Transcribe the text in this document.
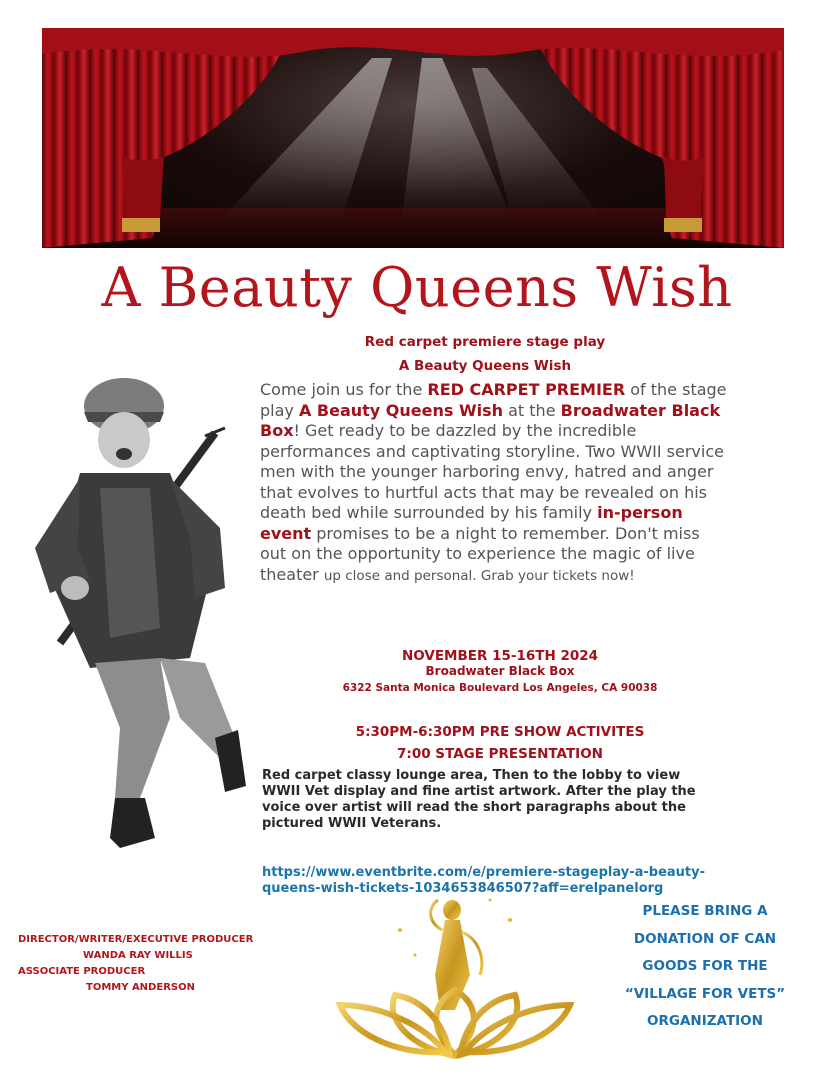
A Beauty Queens Wish
Red carpet premiere stage play
A Beauty Queens Wish
Come join us for the RED CARPET PREMIER of the stage play A Beauty Queens Wish at the Broadwater Black Box! Get ready to be dazzled by the incredible performances and captivating storyline. Two WWII service men with the younger harboring envy, hatred and anger that evolves to hurtful acts that may be revealed on his death bed while surrounded by his family in-person event promises to be a night to remember. Don't miss out on the opportunity to experience the magic of live theater up close and personal. Grab your tickets now!
NOVEMBER 15-16TH 2024
Broadwater Black Box
6322 Santa Monica Boulevard Los Angeles, CA 90038
5:30PM-6:30PM PRE SHOW ACTIVITES
7:00 STAGE PRESENTATION
Red carpet classy lounge area, Then to the lobby to view WWII Vet display and fine artist artwork. After the play the voice over artist will read the short paragraphs about the pictured WWII Veterans.
https://www.eventbrite.com/e/premiere-stageplay-a-beauty-queens-wish-tickets-1034653846507?aff=erelpanelorg
DIRECTOR/WRITER/EXECUTIVE PRODUCER
WANDA RAY WILLIS
ASSOCIATE PRODUCER
TOMMY ANDERSON
PLEASE BRING A
DONATION OF CAN
GOODS FOR THE
“VILLAGE FOR VETS”
ORGANIZATION
